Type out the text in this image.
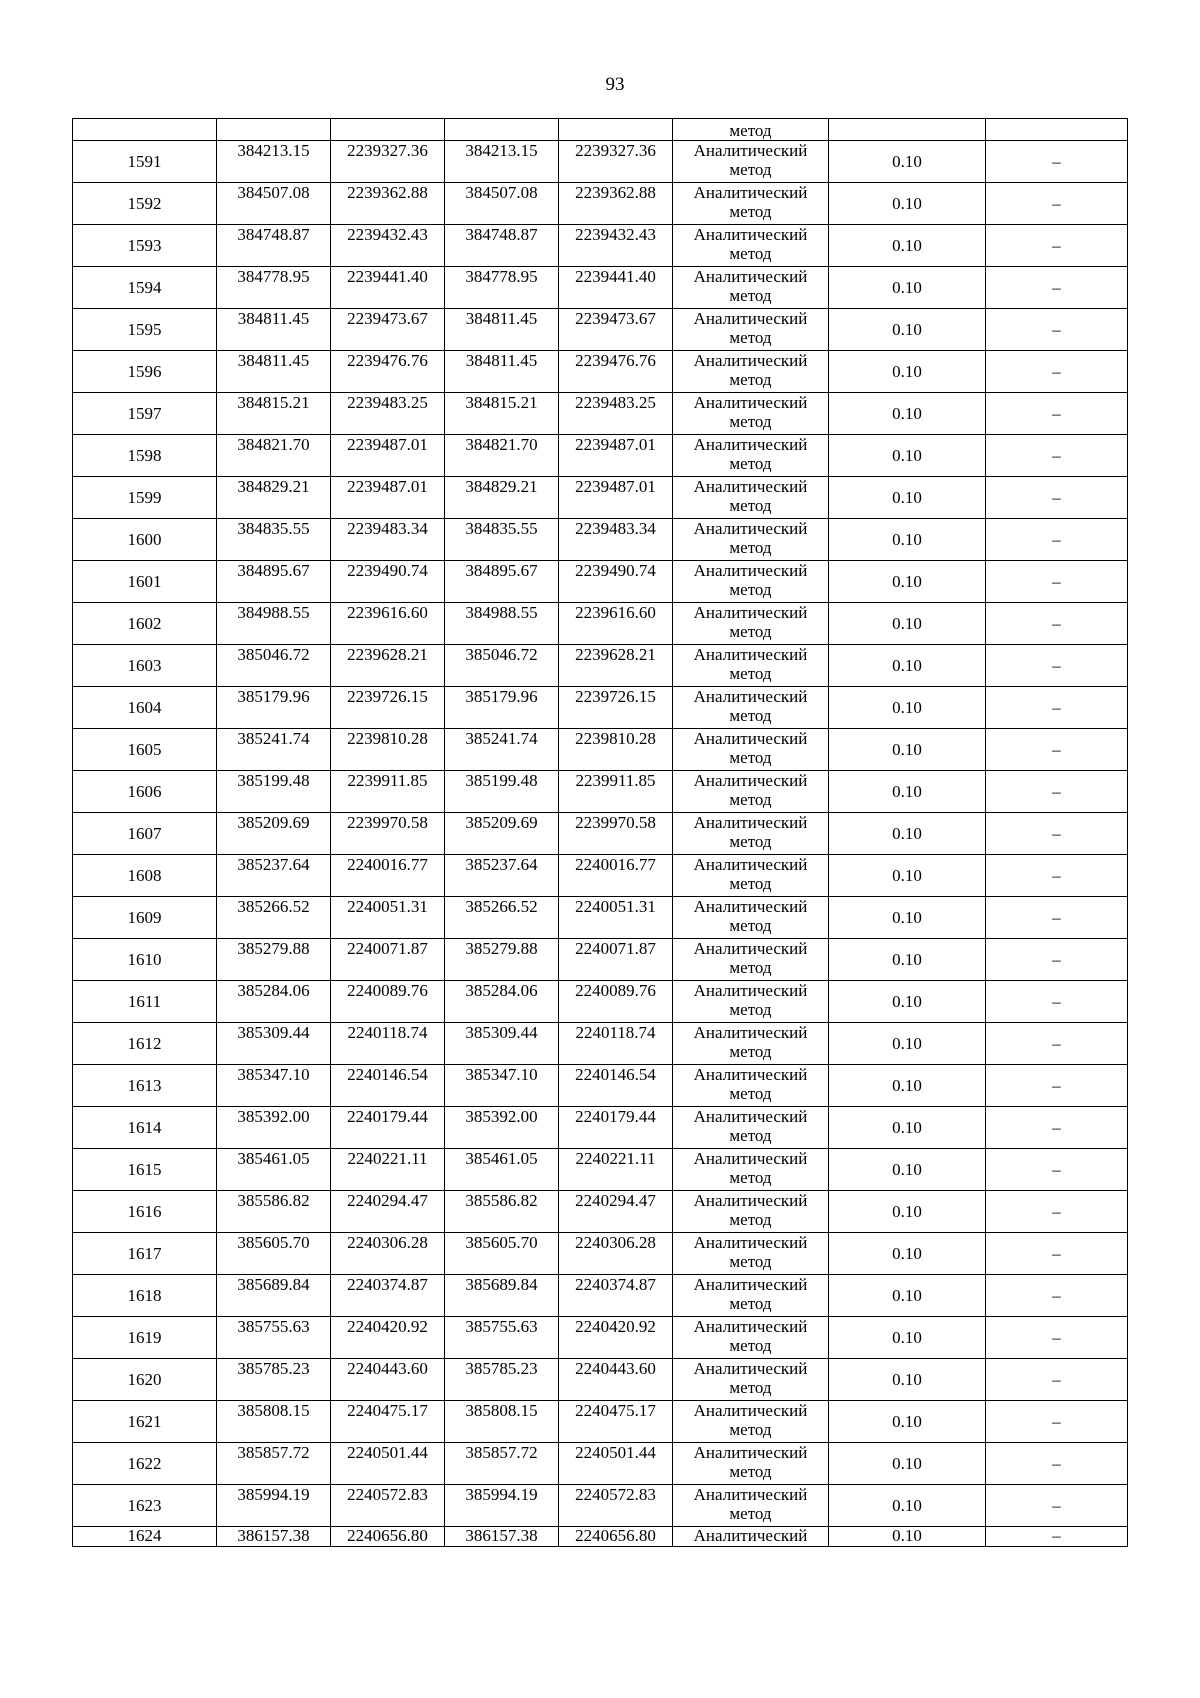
93
					метод		
1591	384213.15	2239327.36	384213.15	2239327.36	Аналитический
метод	0.10	–
1592	384507.08	2239362.88	384507.08	2239362.88	Аналитический
метод	0.10	–
1593	384748.87	2239432.43	384748.87	2239432.43	Аналитический
метод	0.10	–
1594	384778.95	2239441.40	384778.95	2239441.40	Аналитический
метод	0.10	–
1595	384811.45	2239473.67	384811.45	2239473.67	Аналитический
метод	0.10	–
1596	384811.45	2239476.76	384811.45	2239476.76	Аналитический
метод	0.10	–
1597	384815.21	2239483.25	384815.21	2239483.25	Аналитический
метод	0.10	–
1598	384821.70	2239487.01	384821.70	2239487.01	Аналитический
метод	0.10	–
1599	384829.21	2239487.01	384829.21	2239487.01	Аналитический
метод	0.10	–
1600	384835.55	2239483.34	384835.55	2239483.34	Аналитический
метод	0.10	–
1601	384895.67	2239490.74	384895.67	2239490.74	Аналитический
метод	0.10	–
1602	384988.55	2239616.60	384988.55	2239616.60	Аналитический
метод	0.10	–
1603	385046.72	2239628.21	385046.72	2239628.21	Аналитический
метод	0.10	–
1604	385179.96	2239726.15	385179.96	2239726.15	Аналитический
метод	0.10	–
1605	385241.74	2239810.28	385241.74	2239810.28	Аналитический
метод	0.10	–
1606	385199.48	2239911.85	385199.48	2239911.85	Аналитический
метод	0.10	–
1607	385209.69	2239970.58	385209.69	2239970.58	Аналитический
метод	0.10	–
1608	385237.64	2240016.77	385237.64	2240016.77	Аналитический
метод	0.10	–
1609	385266.52	2240051.31	385266.52	2240051.31	Аналитический
метод	0.10	–
1610	385279.88	2240071.87	385279.88	2240071.87	Аналитический
метод	0.10	–
1611	385284.06	2240089.76	385284.06	2240089.76	Аналитический
метод	0.10	–
1612	385309.44	2240118.74	385309.44	2240118.74	Аналитический
метод	0.10	–
1613	385347.10	2240146.54	385347.10	2240146.54	Аналитический
метод	0.10	–
1614	385392.00	2240179.44	385392.00	2240179.44	Аналитический
метод	0.10	–
1615	385461.05	2240221.11	385461.05	2240221.11	Аналитический
метод	0.10	–
1616	385586.82	2240294.47	385586.82	2240294.47	Аналитический
метод	0.10	–
1617	385605.70	2240306.28	385605.70	2240306.28	Аналитический
метод	0.10	–
1618	385689.84	2240374.87	385689.84	2240374.87	Аналитический
метод	0.10	–
1619	385755.63	2240420.92	385755.63	2240420.92	Аналитический
метод	0.10	–
1620	385785.23	2240443.60	385785.23	2240443.60	Аналитический
метод	0.10	–
1621	385808.15	2240475.17	385808.15	2240475.17	Аналитический
метод	0.10	–
1622	385857.72	2240501.44	385857.72	2240501.44	Аналитический
метод	0.10	–
1623	385994.19	2240572.83	385994.19	2240572.83	Аналитический
метод	0.10	–
1624	386157.38	2240656.80	386157.38	2240656.80	Аналитический	0.10	–
